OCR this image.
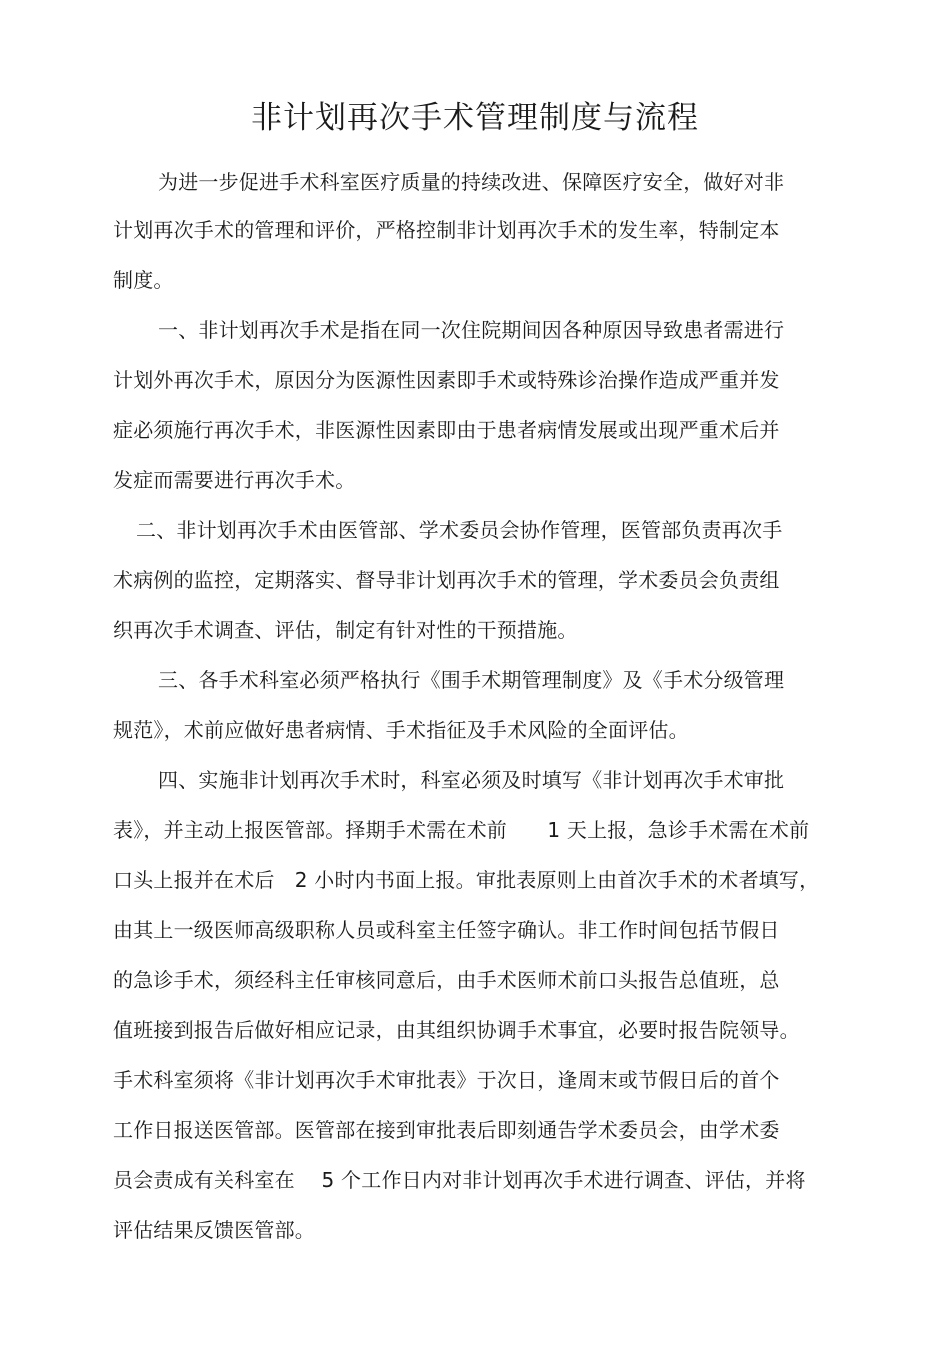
非计划再次手术管理制度与流程
为进一步促进手术科室医疗质量的持续改进、保障医疗安全，做好对非
计划再次手术的管理和评价，严格控制非计划再次手术的发生率，特制定本
制度。
一、非计划再次手术是指在同一次住院期间因各种原因导致患者需进行
计划外再次手术，原因分为医源性因素即手术或特殊诊治操作造成严重并发
症必须施行再次手术，非医源性因素即由于患者病情发展或出现严重术后并
发症而需要进行再次手术。
二、非计划再次手术由医管部、学术委员会协作管理，医管部负责再次手
术病例的监控，定期落实、督导非计划再次手术的管理，学术委员会负责组
织再次手术调查、评估，制定有针对性的干预措施。
三、各手术科室必须严格执行《围手术期管理制度》及《手术分级管理
规范》，术前应做好患者病情、手术指征及手术风险的全面评估。
四、实施非计划再次手术时，科室必须及时填写《非计划再次手术审批
表》，并主动上报医管部。择期手术需在术前　　1 天上报，急诊手术需在术前
口头上报并在术后　2 小时内书面上报。审批表原则上由首次手术的术者填写，
由其上一级医师高级职称人员或科室主任签字确认。非工作时间包括节假日
的急诊手术，须经科主任审核同意后，由手术医师术前口头报告总值班，总
值班接到报告后做好相应记录，由其组织协调手术事宜，必要时报告院领导。
手术科室须将《非计划再次手术审批表》于次日，逢周末或节假日后的首个
工作日报送医管部。医管部在接到审批表后即刻通告学术委员会，由学术委
员会责成有关科室在　 5 个工作日内对非计划再次手术进行调查、评估，并将
评估结果反馈医管部。
